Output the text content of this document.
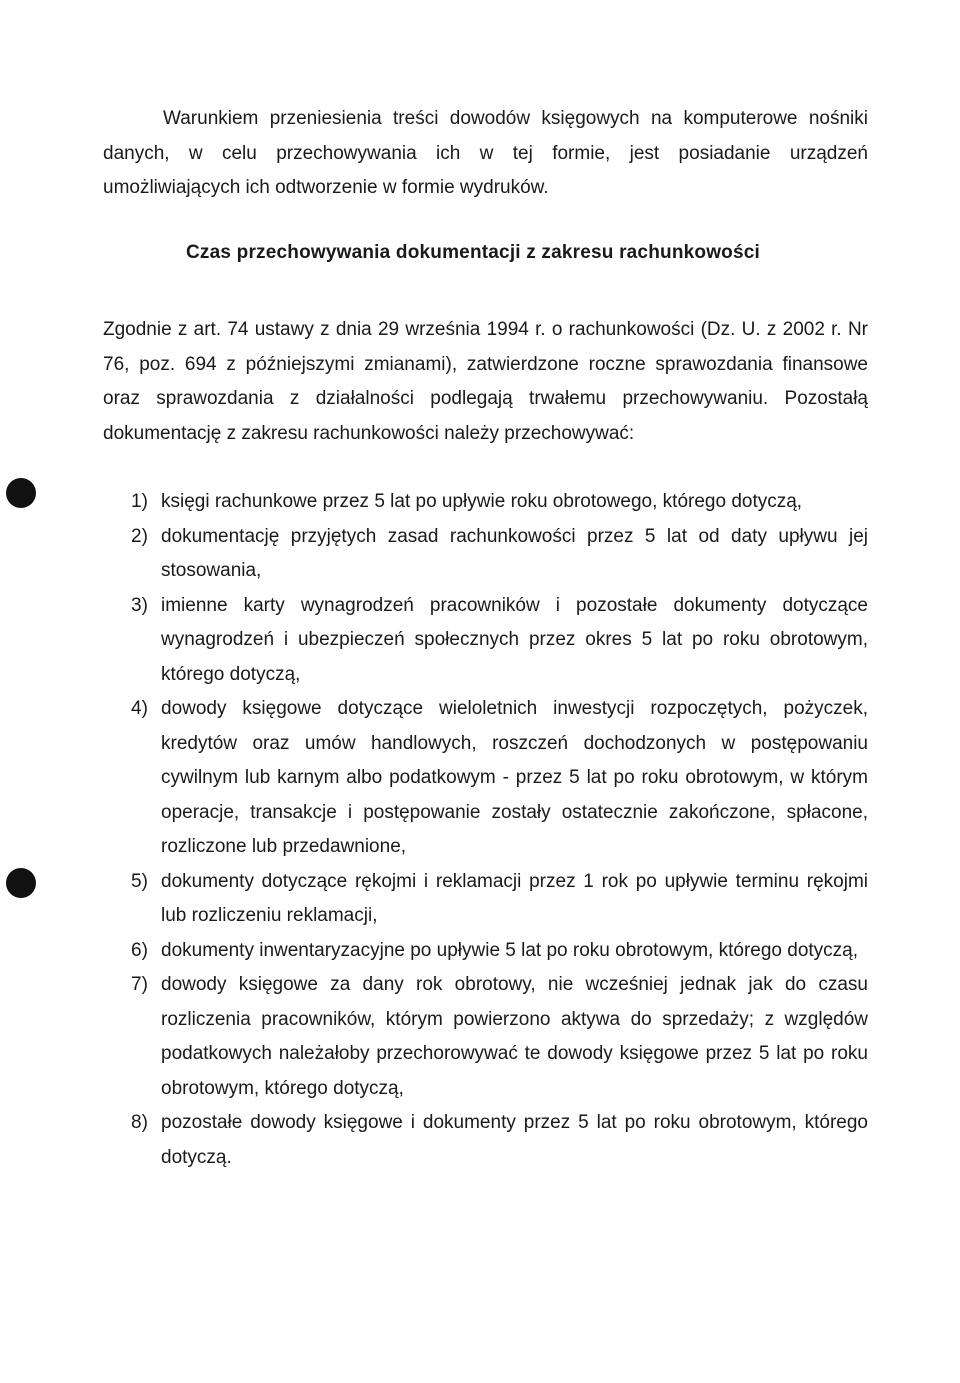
Warunkiem przeniesienia treści dowodów księgowych na komputerowe nośniki danych, w celu przechowywania ich w tej formie, jest posiadanie urządzeń umożliwiających ich odtworzenie w formie wydruków.

Czas przechowywania dokumentacji z zakresu rachunkowości

Zgodnie z art. 74 ustawy z dnia 29 września 1994 r. o rachunkowości (Dz. U. z 2002 r. Nr 76, poz. 694 z późniejszymi zmianami), zatwierdzone roczne sprawozdania finansowe oraz sprawozdania z działalności podlegają trwałemu przechowywaniu. Pozostałą dokumentację z zakresu rachunkowości należy przechowywać:

1) księgi rachunkowe przez 5 lat po upływie roku obrotowego, którego dotyczą,
2) dokumentację przyjętych zasad rachunkowości przez 5 lat od daty upływu jej stosowania,
3) imienne karty wynagrodzeń pracowników i pozostałe dokumenty dotyczące wynagrodzeń i ubezpieczeń społecznych przez okres 5 lat po roku obrotowym, którego dotyczą,
4) dowody księgowe dotyczące wieloletnich inwestycji rozpoczętych, pożyczek, kredytów oraz umów handlowych, roszczeń dochodzonych w postępowaniu cywilnym lub karnym albo podatkowym - przez 5 lat po roku obrotowym, w którym operacje, transakcje i postępowanie zostały ostatecznie zakończone, spłacone, rozliczone lub przedawnione,
5) dokumenty dotyczące rękojmi i reklamacji przez 1 rok po upływie terminu rękojmi lub rozliczeniu reklamacji,
6) dokumenty inwentaryzacyjne po upływie 5 lat po roku obrotowym, którego dotyczą,
7) dowody księgowe za dany rok obrotowy, nie wcześniej jednak jak do czasu rozliczenia pracowników, którym powierzono aktywa do sprzedaży; z względów podatkowych należałoby przechorowywać te dowody księgowe przez 5 lat po roku obrotowym, którego dotyczą,
8) pozostałe dowody księgowe i dokumenty przez 5 lat po roku obrotowym, którego dotyczą.
